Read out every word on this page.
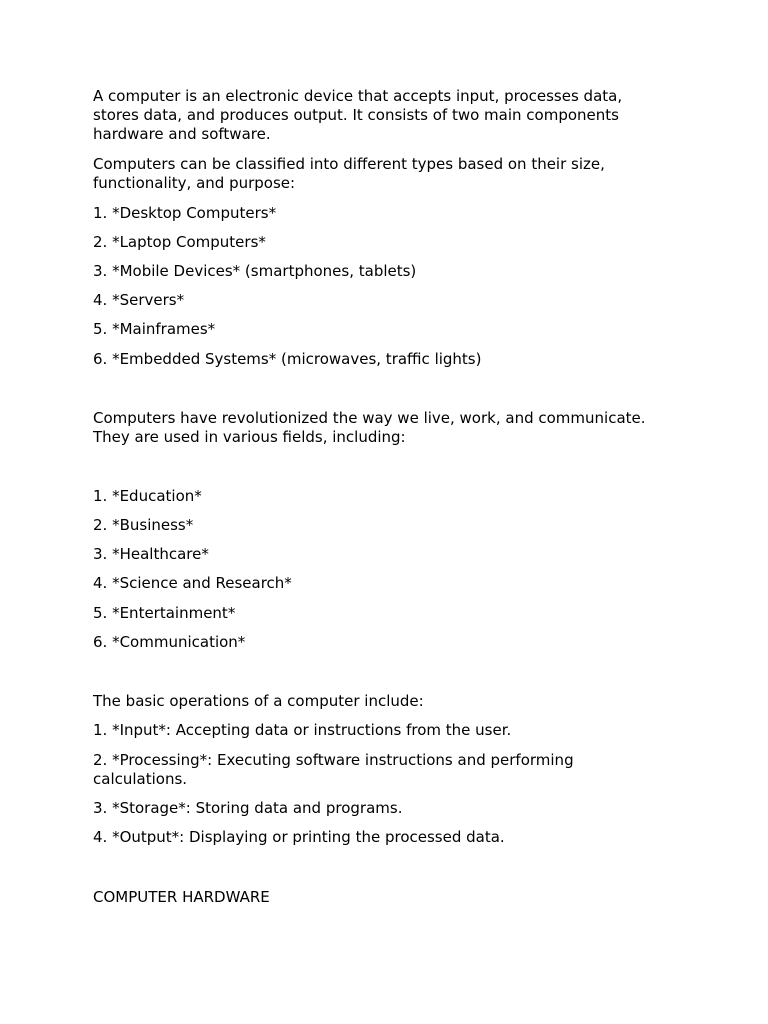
A computer is an electronic device that accepts input, processes data,
stores data, and produces output. It consists of two main components
hardware and software.
Computers can be classified into different types based on their size,
functionality, and purpose:
1. *Desktop Computers*
2. *Laptop Computers*
3. *Mobile Devices* (smartphones, tablets)
4. *Servers*
5. *Mainframes*
6. *Embedded Systems* (microwaves, traffic lights)
Computers have revolutionized the way we live, work, and communicate.
They are used in various fields, including:
1. *Education*
2. *Business*
3. *Healthcare*
4. *Science and Research*
5. *Entertainment*
6. *Communication*
The basic operations of a computer include:
1. *Input*: Accepting data or instructions from the user.
2. *Processing*: Executing software instructions and performing
calculations.
3. *Storage*: Storing data and programs.
4. *Output*: Displaying or printing the processed data.
COMPUTER HARDWARE
